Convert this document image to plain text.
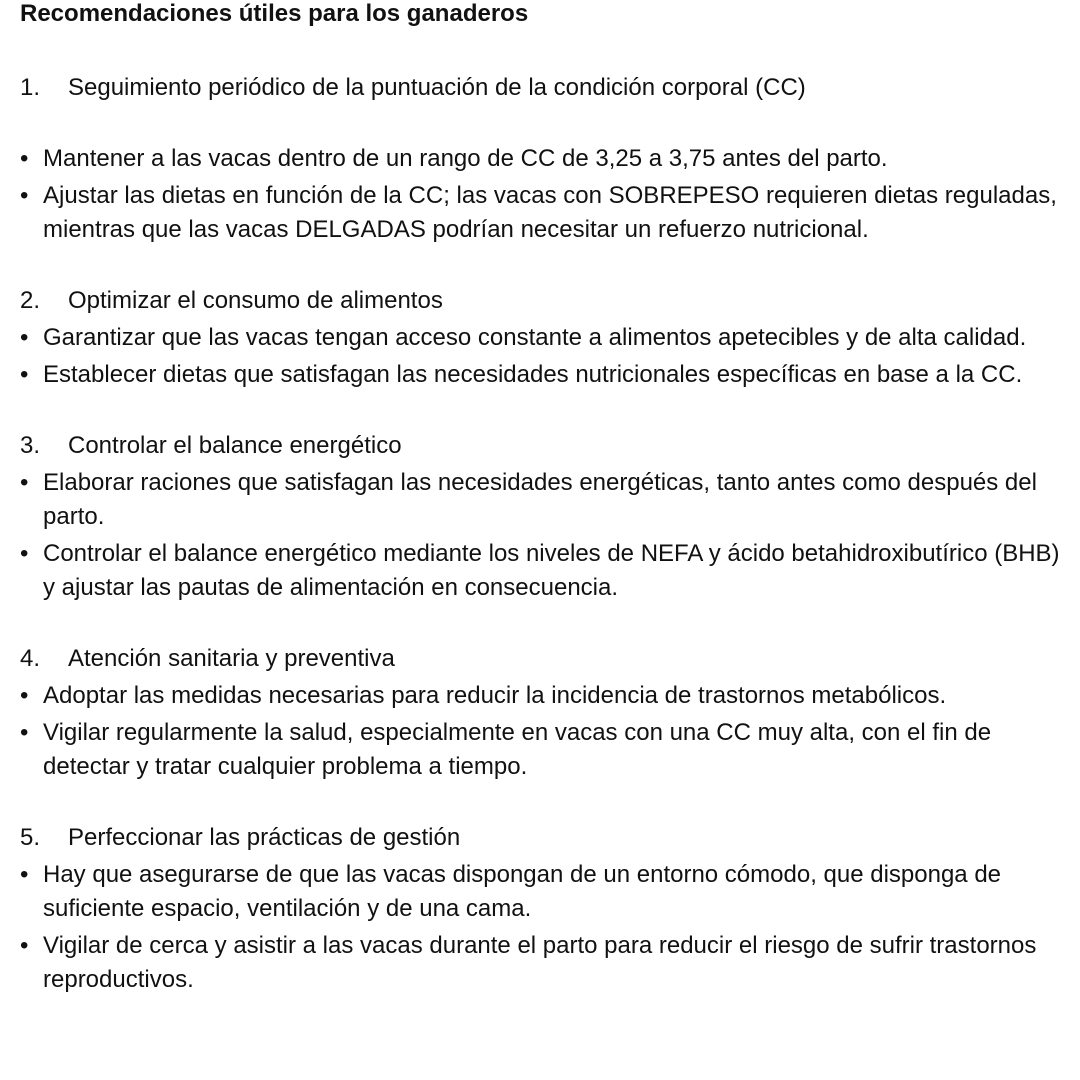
Recomendaciones útiles para los ganaderos
1.	Seguimiento periódico de la puntuación de la condición corporal (CC)
• Mantener a las vacas dentro de un rango de CC de 3,25 a 3,75 antes del parto.
• Ajustar las dietas en función de la CC; las vacas con SOBREPESO requieren dietas reguladas, mientras que las vacas DELGADAS podrían necesitar un refuerzo nutricional.
2.	Optimizar el consumo de alimentos
• Garantizar que las vacas tengan acceso constante a alimentos apetecibles y de alta calidad.
• Establecer dietas que satisfagan las necesidades nutricionales específicas en base a la CC.
3.	Controlar el balance energético
• Elaborar raciones que satisfagan las necesidades energéticas, tanto antes como después del parto.
• Controlar el balance energético mediante los niveles de NEFA y ácido betahidroxibutírico (BHB) y ajustar las pautas de alimentación en consecuencia.
4.	Atención sanitaria y preventiva
• Adoptar las medidas necesarias para reducir la incidencia de trastornos metabólicos.
• Vigilar regularmente la salud, especialmente en vacas con una CC muy alta, con el fin de detectar y tratar cualquier problema a tiempo.
5.	Perfeccionar las prácticas de gestión
• Hay que asegurarse de que las vacas dispongan de un entorno cómodo, que disponga de suficiente espacio, ventilación y de una cama.
• Vigilar de cerca y asistir a las vacas durante el parto para reducir el riesgo de sufrir trastornos reproductivos.
